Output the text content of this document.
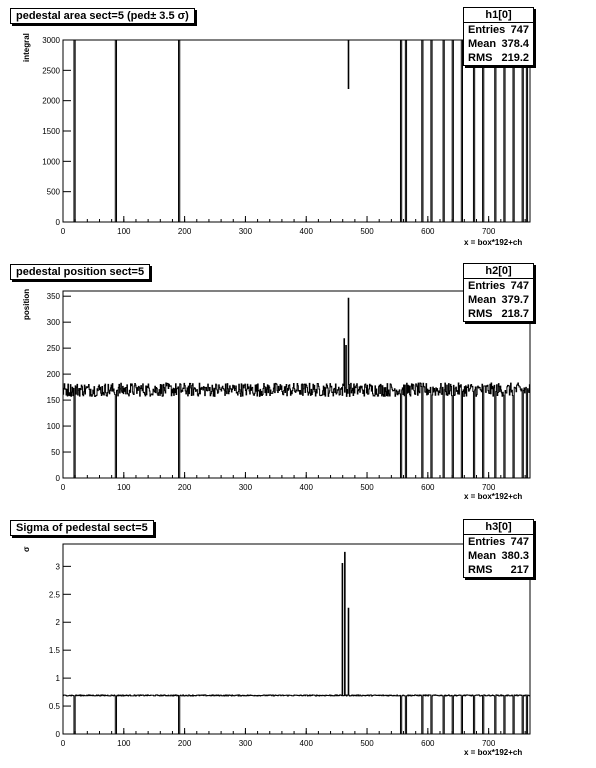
0	100	200	300	400	500	600	700
0
500
1000
1500
2000
2500
3000
pedestal area sect=5 (ped± 3.5 σ)	h1[0]
Entries 747
Mean 378.4
RMS 219.2
integral
x = box*192+ch
0	100	200	300	400	500	600	700
0
50
100
150
200
250
300
350
pedestal position sect=5	h2[0]
Entries 747
Mean 379.7
RMS 218.7
position
x = box*192+ch
0	100	200	300	400	500	600	700
0
0.5
1
1.5
2
2.5
3
Sigma of pedestal sect=5	h3[0]
Entries 747
Mean 380.3
RMS 217
σ
x = box*192+ch
